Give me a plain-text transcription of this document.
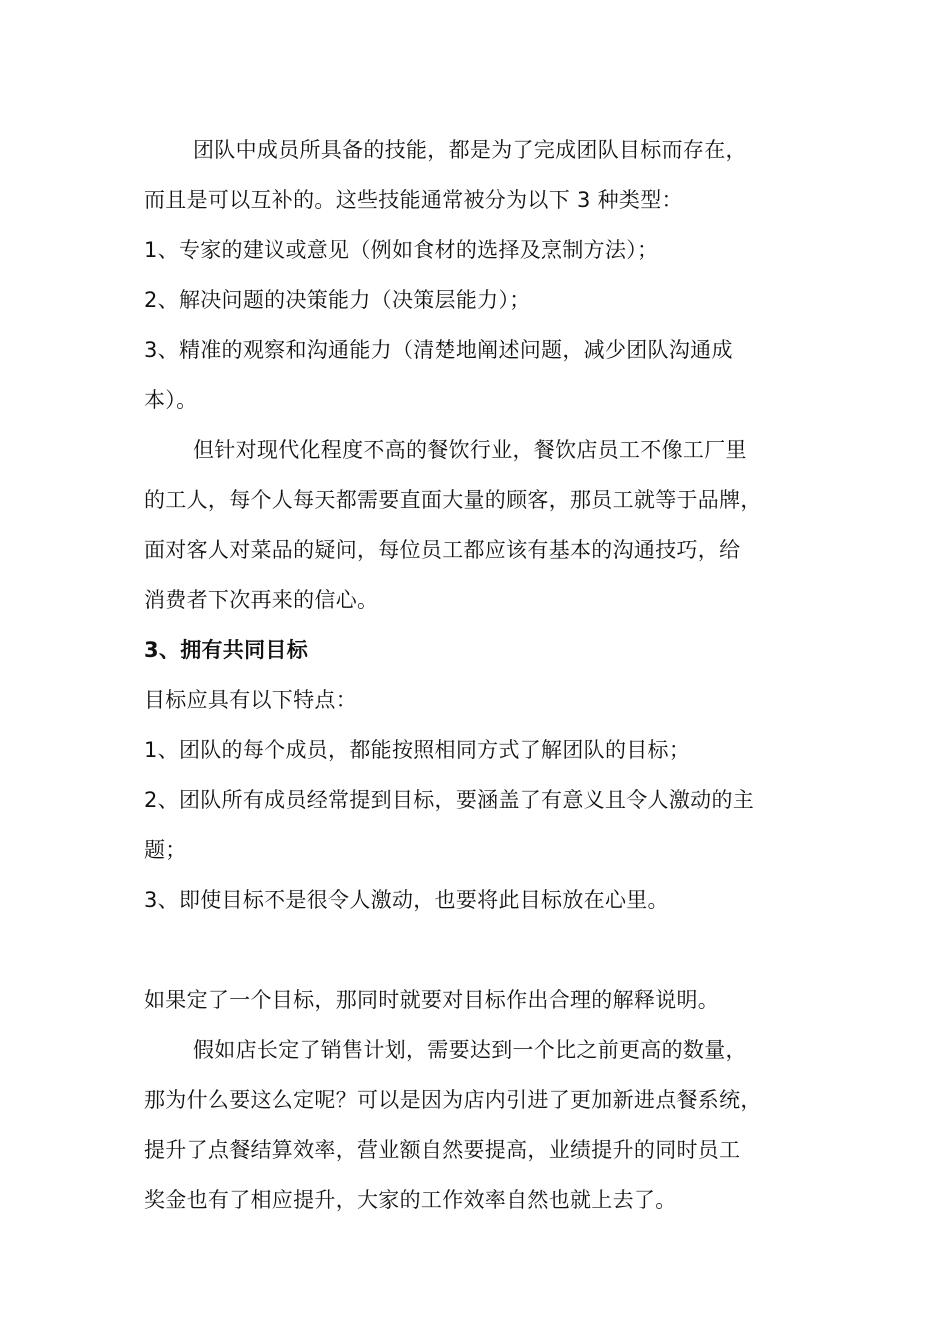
团队中成员所具备的技能，都是为了完成团队目标而存在，
而且是可以互补的。这些技能通常被分为以下 3 种类型：
1、专家的建议或意见（例如食材的选择及烹制方法）；
2、解决问题的决策能力（决策层能力）；
3、精准的观察和沟通能力（清楚地阐述问题，减少团队沟通成
本）。
但针对现代化程度不高的餐饮行业，餐饮店员工不像工厂里
的工人，每个人每天都需要直面大量的顾客，那员工就等于品牌，
面对客人对菜品的疑问，每位员工都应该有基本的沟通技巧，给
消费者下次再来的信心。
3、拥有共同目标
目标应具有以下特点：
1、团队的每个成员，都能按照相同方式了解团队的目标；
2、团队所有成员经常提到目标，要涵盖了有意义且令人激动的主
题；
3、即使目标不是很令人激动，也要将此目标放在心里。
如果定了一个目标，那同时就要对目标作出合理的解释说明。
假如店长定了销售计划，需要达到一个比之前更高的数量，
那为什么要这么定呢？可以是因为店内引进了更加新进点餐系统，
提升了点餐结算效率，营业额自然要提高，业绩提升的同时员工
奖金也有了相应提升，大家的工作效率自然也就上去了。
